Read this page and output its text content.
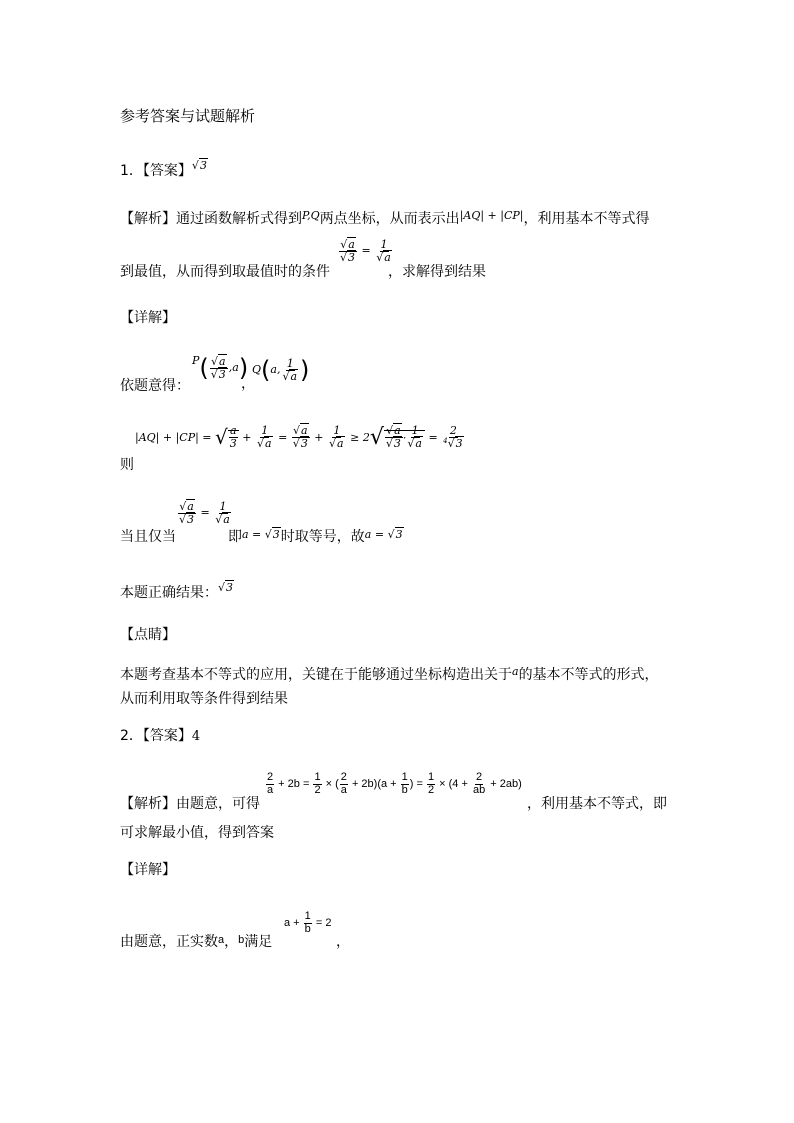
参考答案与试题解析
1．【答案】$^{√3}$
【解析】通过函数解析式得到$^{P,Q}$两点坐标，从而表示出$^{|AQ| + |CP|}$，利用基本不等式得
到最值，从而得到取最值时的条件
$\frac{√a}{√3} = \frac{1}{√a}$
，求解得到结果
【详解】
依题意得：
$P( \frac{√a}{√3} ,a)$
，
Q(a, $\frac{1}{√a}$ )
则
|AQ| + |CP| = √ $\frac{a}{3} + \frac{1}{√a} = \frac{√a}{√3} + \frac{1}{√a} \ge 2√ \frac{√a}{√3} \cdot \frac{1}{√a} = \frac{2}{^4√3}$
当且仅当
$\frac{√a}{√3} = \frac{1}{√a}$
即$^{a = √3}$时取等号，故$^{a = √3}$
本题正确结果：$^{√3}$
【点睛】
本题考查基本不等式的应用，关键在于能够通过坐标构造出关于$^a$的基本不等式的形式，
从而利用取等条件得到结果
2．【答案】4
【解析】由题意，可得
$\frac{2}{a} + 2b = \frac{1}{2}$ × ( $\frac{2}{a} + 2b)(a + \frac{1}{b}$ ) = $\frac{1}{2} \times (4 + \frac{2}{ab} + 2ab)$
，利用基本不等式，即
可求解最小值，得到答案
【详解】
由题意，正实数$^a$，$^b$满足
$a + \frac{1}{b} = 2$
，
